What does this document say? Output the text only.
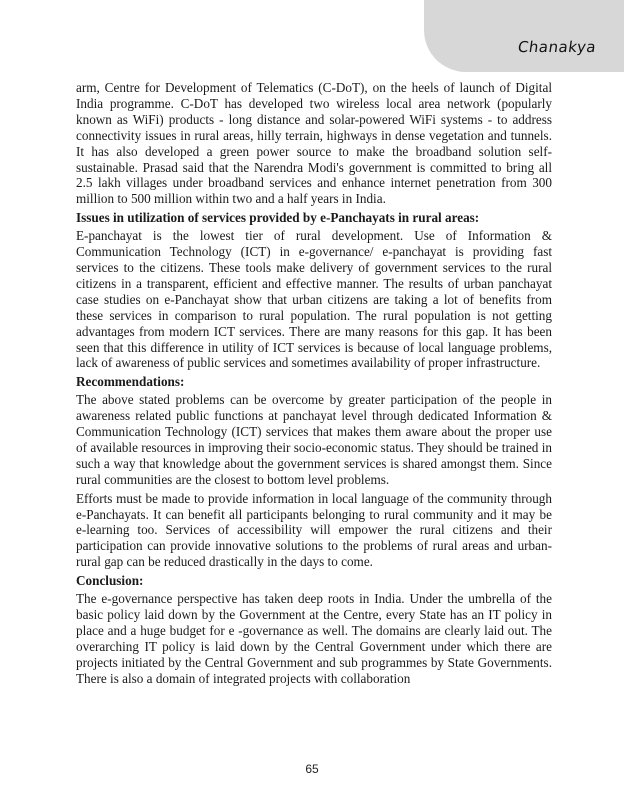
Chanakya

arm, Centre for Development of Telematics (C-DoT), on the heels of launch of Digital India programme. C-DoT has developed two wireless local area network (popularly known as WiFi) products - long distance and solar-powered WiFi systems - to address connectivity issues in rural areas, hilly terrain, highways in dense vegetation and tunnels. It has also developed a green power source to make the broadband solution self-sustainable. Prasad said that the Narendra Modi's government is committed to bring all 2.5 lakh villages under broadband services and enhance internet penetration from 300 million to 500 million within two and a half years in India.

Issues in utilization of services provided by e-Panchayats in rural areas:

E-panchayat is the lowest tier of rural development. Use of Information & Communication Technology (ICT) in e-governance/ e-panchayat is providing fast services to the citizens. These tools make delivery of government services to the rural citizens in a transparent, efficient and effective manner. The results of urban panchayat case studies on e-Panchayat show that urban citizens are taking a lot of benefits from these services in comparison to rural population. The rural population is not getting advantages from modern ICT services. There are many reasons for this gap. It has been seen that this difference in utility of ICT services is because of local language problems, lack of awareness of public services and sometimes availability of proper infrastructure.

Recommendations:

The above stated problems can be overcome by greater participation of the people in awareness related public functions at panchayat level through dedicated Information & Communication Technology (ICT) services that makes them aware about the proper use of available resources in improving their socio-economic status. They should be trained in such a way that knowledge about the government services is shared amongst them. Since rural communities are the closest to bottom level problems.

Efforts must be made to provide information in local language of the community through e-Panchayats. It can benefit all participants belonging to rural community and it may be e-learning too. Services of accessibility will empower the rural citizens and their participation can provide innovative solutions to the problems of rural areas and urban-rural gap can be reduced drastically in the days to come.

Conclusion:

The e-governance perspective has taken deep roots in India. Under the umbrella of the basic policy laid down by the Government at the Centre, every State has an IT policy in place and a huge budget for e -governance as well. The domains are clearly laid out. The overarching IT policy is laid down by the Central Government under which there are projects initiated by the Central Government and sub programmes by State Governments. There is also a domain of integrated projects with collaboration

65
